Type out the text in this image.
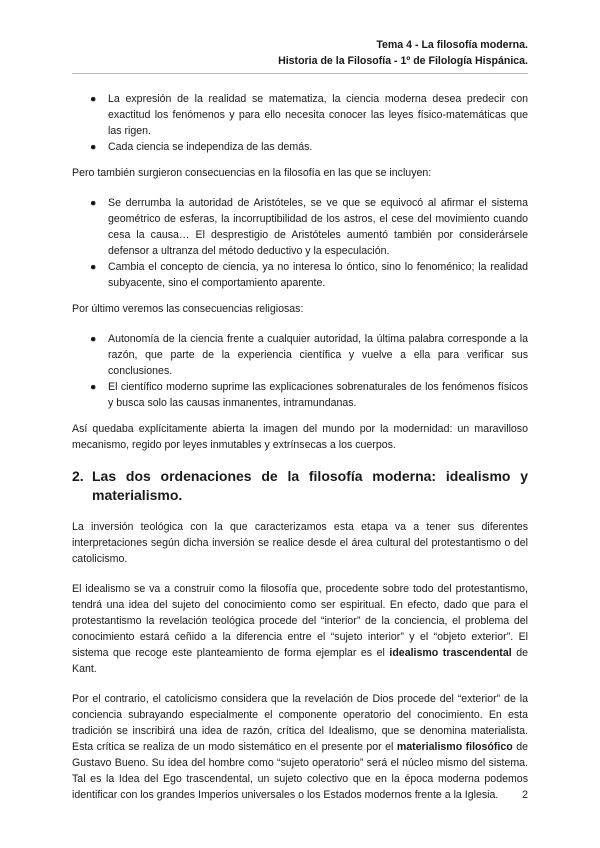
Tema 4 - La filosofía moderna.
Historia de la Filosofía - 1º de Filología Hispánica.
● La expresión de la realidad se matematiza, la ciencia moderna desea predecir con exactitud los fenómenos y para ello necesita conocer las leyes físico-matemáticas que las rigen.
● Cada ciencia se independiza de las demás.

Pero también surgieron consecuencias en la filosofía en las que se incluyen:

● Se derrumba la autoridad de Aristóteles, se ve que se equivocó al afirmar el sistema geométrico de esferas, la incorruptibilidad de los astros, el cese del movimiento cuando cesa la causa… El desprestigio de Aristóteles aumentó también por considerársele defensor a ultranza del método deductivo y la especulación.
● Cambia el concepto de ciencia, ya no interesa lo óntico, sino lo fenoménico; la realidad subyacente, sino el comportamiento aparente.

Por último veremos las consecuencias religiosas:

● Autonomía de la ciencia frente a cualquier autoridad, la última palabra corresponde a la razón, que parte de la experiencia científica y vuelve a ella para verificar sus conclusiones.
● El científico moderno suprime las explicaciones sobrenaturales de los fenómenos físicos y busca solo las causas inmanentes, intramundanas.

Así quedaba explícitamente abierta la imagen del mundo por la modernidad: un maravilloso mecanismo, regido por leyes inmutables y extrínsecas a los cuerpos.

2. Las dos ordenaciones de la filosofía moderna: idealismo y materialismo.

La inversión teológica con la que caracterizamos esta etapa va a tener sus diferentes interpretaciones según dicha inversión se realice desde el área cultural del protestantismo o del catolicismo.

El idealismo se va a construir como la filosofía que, procedente sobre todo del protestantismo, tendrá una idea del sujeto del conocimiento como ser espiritual. En efecto, dado que para el protestantismo la revelación teológica procede del “interior” de la conciencia, el problema del conocimiento estará ceñido a la diferencia entre el “sujeto interior” y el “objeto exterior”. El sistema que recoge este planteamiento de forma ejemplar es el idealismo trascendental de Kant.

Por el contrario, el catolicismo considera que la revelación de Dios procede del “exterior” de la conciencia subrayando especialmente el componente operatorio del conocimiento. En esta tradición se inscribirá una idea de razón, crítica del Idealismo, que se denomina materialista. Esta crítica se realiza de un modo sistemático en el presente por el materialismo filosófico de Gustavo Bueno. Su idea del hombre como “sujeto operatorio” será el núcleo mismo del sistema. Tal es la Idea del Ego trascendental, un sujeto colectivo que en la época moderna podemos identificar con los grandes Imperios universales o los Estados modernos frente a la Iglesia.	2
